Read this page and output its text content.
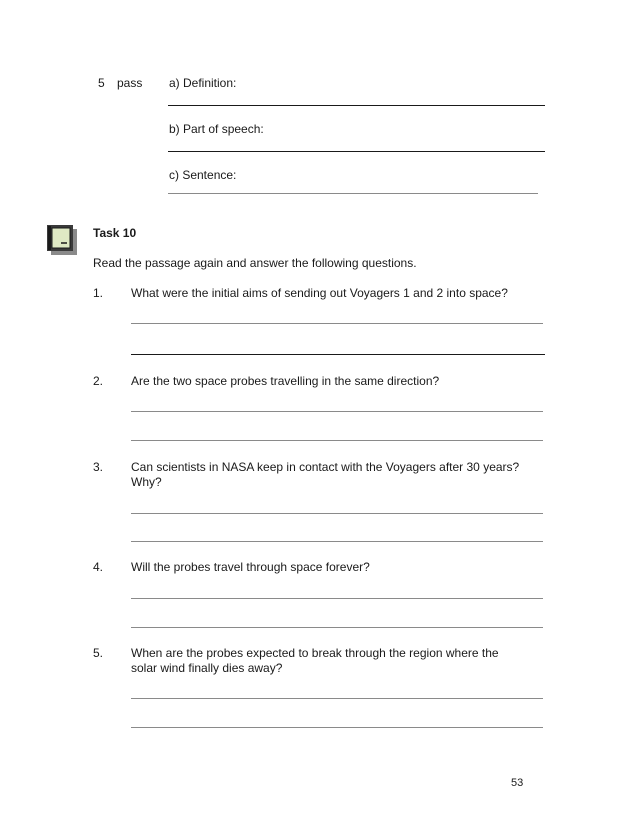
5 pass a) Definition:
b) Part of speech:
c) Sentence:
Task 10
Read the passage again and answer the following questions.
1. What were the initial aims of sending out Voyagers 1 and 2 into space?
2. Are the two space probes travelling in the same direction?
3. Can scientists in NASA keep in contact with the Voyagers after 30 years?
Why?
4. Will the probes travel through space forever?
5. When are the probes expected to break through the region where the
solar wind finally dies away?
53
